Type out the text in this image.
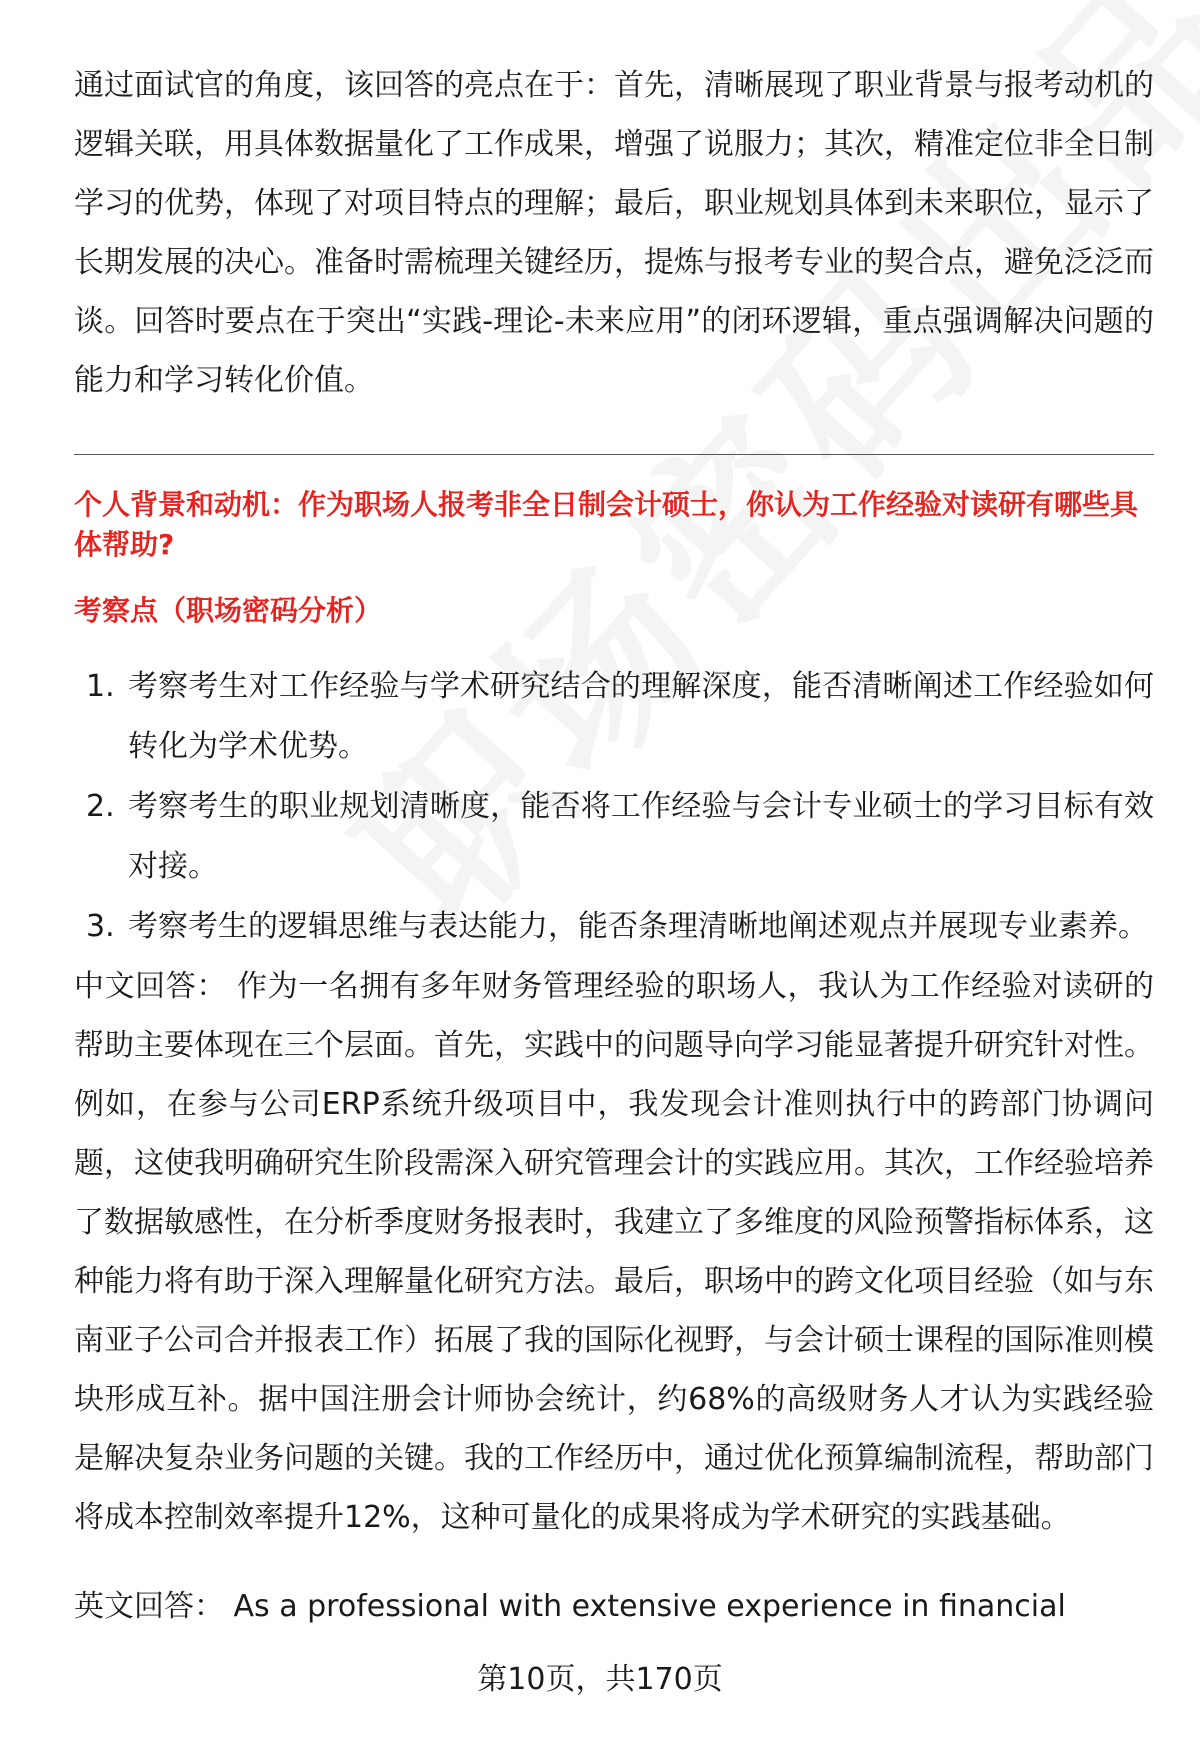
通过面试官的角度，该回答的亮点在于：首先，清晰展现了职业背景与报考动机的逻辑关联，用具体数据量化了工作成果，增强了说服力；其次，精准定位非全日制学习的优势，体现了对项目特点的理解；最后，职业规划具体到未来职位，显示了长期发展的决心。准备时需梳理关键经历，提炼与报考专业的契合点，避免泛泛而谈。回答时要点在于突出“实践-理论-未来应用”的闭环逻辑，重点强调解决问题的能力和学习转化价值。

个人背景和动机：作为职场人报考非全日制会计硕士，你认为工作经验对读研有哪些具体帮助?

考察点（职场密码分析）

1. 考察考生对工作经验与学术研究结合的理解深度，能否清晰阐述工作经验如何转化为学术优势。
2. 考察考生的职业规划清晰度，能否将工作经验与会计专业硕士的学习目标有效对接。
3. 考察考生的逻辑思维与表达能力，能否条理清晰地阐述观点并展现专业素养。

中文回答： 作为一名拥有多年财务管理经验的职场人，我认为工作经验对读研的帮助主要体现在三个层面。首先，实践中的问题导向学习能显著提升研究针对性。例如，在参与公司ERP系统升级项目中，我发现会计准则执行中的跨部门协调问题，这使我明确研究生阶段需深入研究管理会计的实践应用。其次，工作经验培养了数据敏感性，在分析季度财务报表时，我建立了多维度的风险预警指标体系，这种能力将有助于深入理解量化研究方法。最后，职场中的跨文化项目经验（如与东南亚子公司合并报表工作）拓展了我的国际化视野，与会计硕士课程的国际准则模块形成互补。据中国注册会计师协会统计，约68%的高级财务人才认为实践经验是解决复杂业务问题的关键。我的工作经历中，通过优化预算编制流程，帮助部门将成本控制效率提升12%，这种可量化的成果将成为学术研究的实践基础。

英文回答： As a professional with extensive experience in financial

第10页，共170页
